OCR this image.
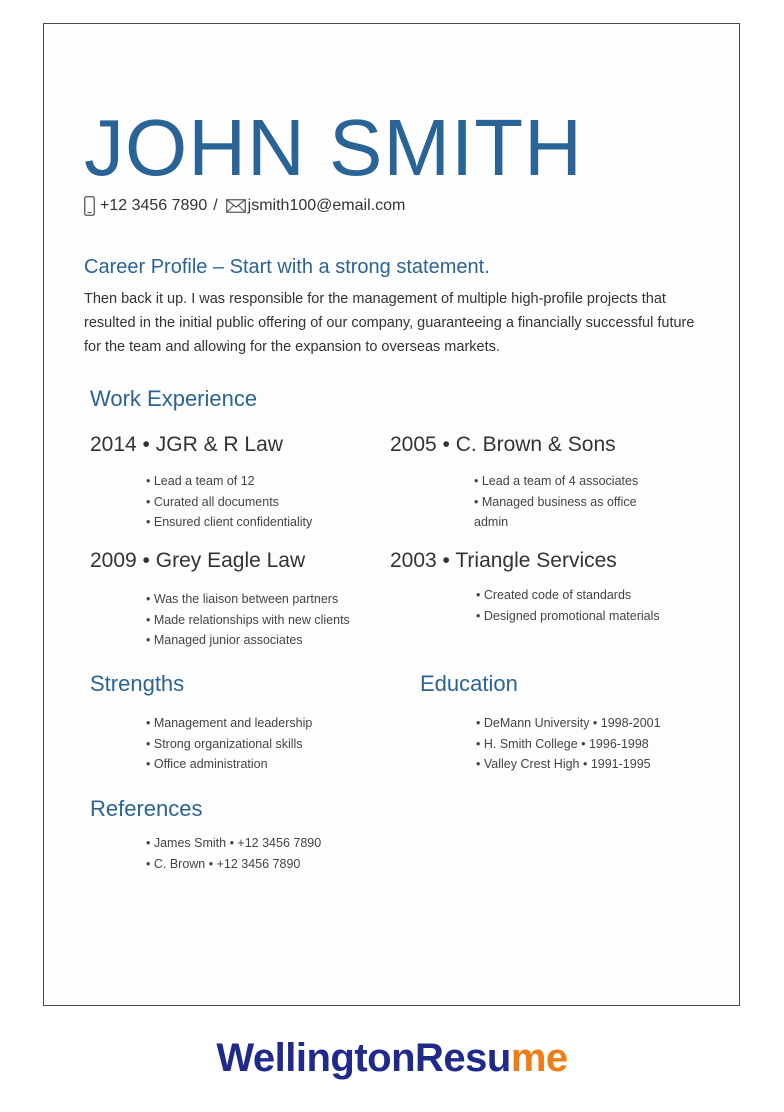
JOHN SMITH
+12 3456 7890 / jsmith100@email.com
Career Profile – Start with a strong statement.

Then back it up. I was responsible for the management of multiple high-profile projects that resulted in the initial public offering of our company, guaranteeing a financially successful future for the team and allowing for the expansion to overseas markets.

Work Experience
2014 • JGR & R Law
• Lead a team of 12
• Curated all documents
• Ensured client confidentiality
2005 • C. Brown & Sons
• Lead a team of 4 associates
• Managed business as office admin
2009 • Grey Eagle Law
• Was the liaison between partners
• Made relationships with new clients
• Managed junior associates
2003 • Triangle Services
• Created code of standards
• Designed promotional materials
Strengths
• Management and leadership
• Strong organizational skills
• Office administration
Education
• DeMann University • 1998-2001
• H. Smith College • 1996-1998
• Valley Crest High • 1991-1995
References
• James Smith • +12 3456 7890
• C. Brown • +12 3456 7890
WellingtonResume
